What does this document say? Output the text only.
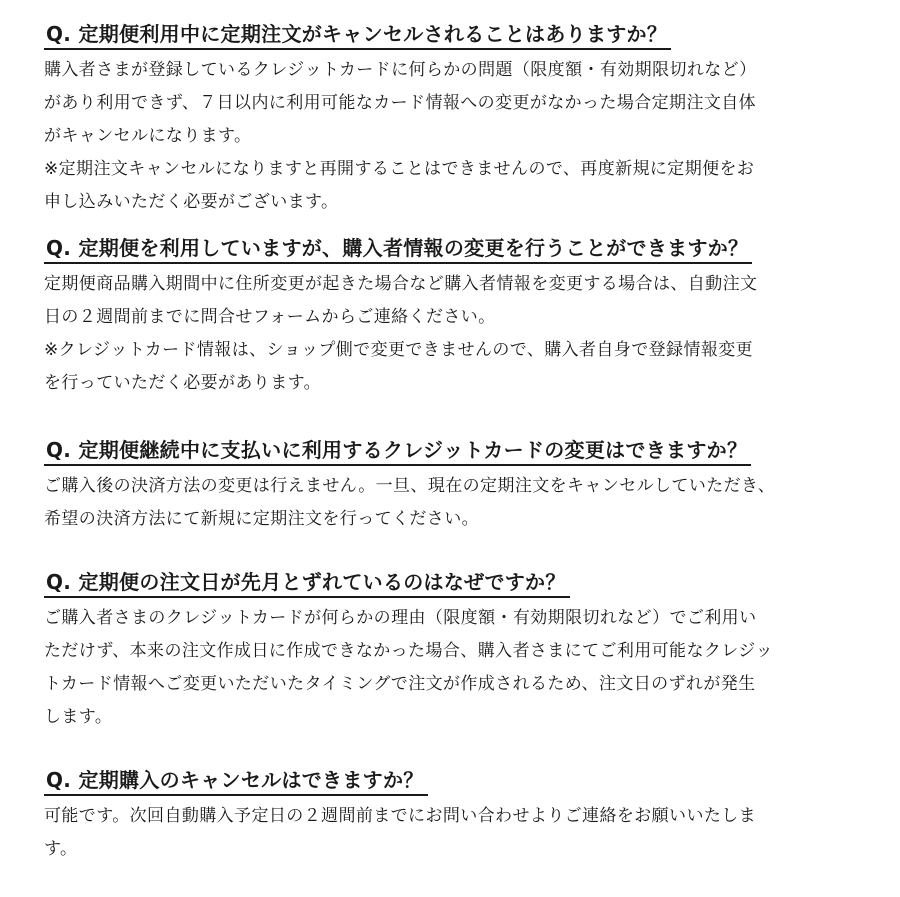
Q. 定期便利用中に定期注文がキャンセルされることはありますか？

購入者さまが登録しているクレジットカードに何らかの問題（限度額・有効期限切れなど）

があり利用できず、７日以内に利用可能なカード情報への変更がなかった場合定期注文自体

がキャンセルになります。

※定期注文キャンセルになりますと再開することはできませんので、再度新規に定期便をお

申し込みいただく必要がございます。

Q. 定期便を利用していますが、購入者情報の変更を行うことができますか？

定期便商品購入期間中に住所変更が起きた場合など購入者情報を変更する場合は、自動注文

日の２週間前までに問合せフォームからご連絡ください。

※クレジットカード情報は、ショップ側で変更できませんので、購入者自身で登録情報変更

を行っていただく必要があります。

Q. 定期便継続中に支払いに利用するクレジットカードの変更はできますか？

ご購入後の決済方法の変更は行えません。一旦、現在の定期注文をキャンセルしていただき、

希望の決済方法にて新規に定期注文を行ってください。

Q. 定期便の注文日が先月とずれているのはなぜですか？

ご購入者さまのクレジットカードが何らかの理由（限度額・有効期限切れなど）でご利用い

ただけず、本来の注文作成日に作成できなかった場合、購入者さまにてご利用可能なクレジッ

トカード情報へご変更いただいたタイミングで注文が作成されるため、注文日のずれが発生

します。

Q. 定期購入のキャンセルはできますか？

可能です。次回自動購入予定日の２週間前までにお問い合わせよりご連絡をお願いいたしま

す。
